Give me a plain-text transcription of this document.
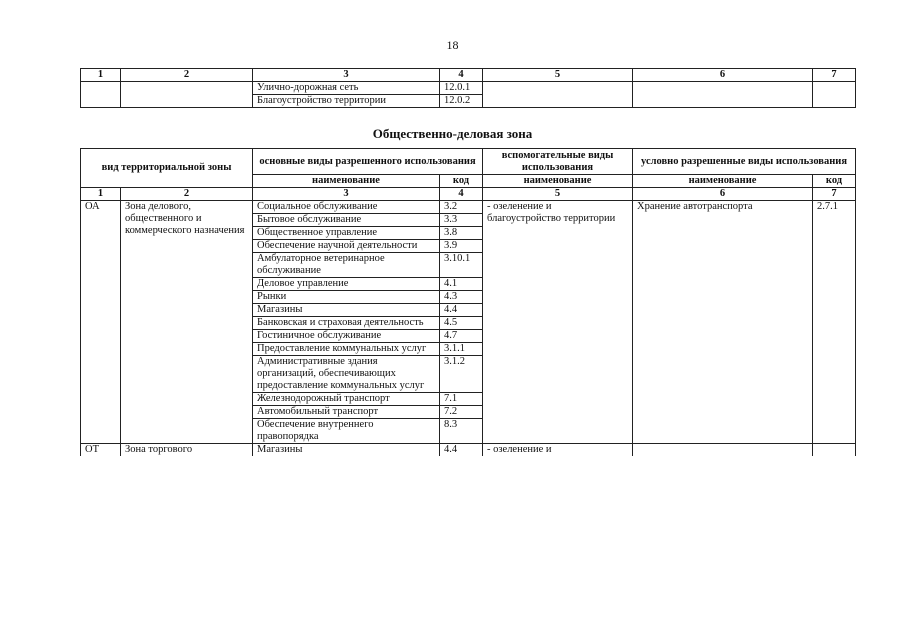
18
1	2	3	4	5	6	7
		Улично-дорожная сеть	12.0.1			
		Благоустройство территории	12.0.2			
Общественно-деловая зона
вид территориальной зоны		основные виды разрешенного использования		вспомогательные виды использования	условно разрешенные виды использования	
		наименование	код	наименование	наименование	код
1	2	3	4	5	6	7
ОА	Зона делового, общественного и коммерческого назначения	Социальное обслуживание	3.2	- озеленение и благоустройство территории	Хранение автотранспорта	2.7.1
		Бытовое обслуживание	3.3			
		Общественное управление	3.8			
		Обеспечение научной деятельности	3.9			
		Амбулаторное ветеринарное обслуживание	3.10.1			
		Деловое управление	4.1			
		Рынки	4.3			
		Магазины	4.4			
		Банковская и страховая деятельность	4.5			
		Гостиничное обслуживание	4.7			
		Предоставление коммунальных услуг	3.1.1			
		Административные здания организаций, обеспечивающих предоставление коммунальных услуг	3.1.2			
		Железнодорожный транспорт	7.1			
		Автомобильный транспорт	7.2			
		Обеспечение внутреннего правопорядка	8.3			
ОТ	Зона торгового	Магазины	4.4	- озеленение и		
